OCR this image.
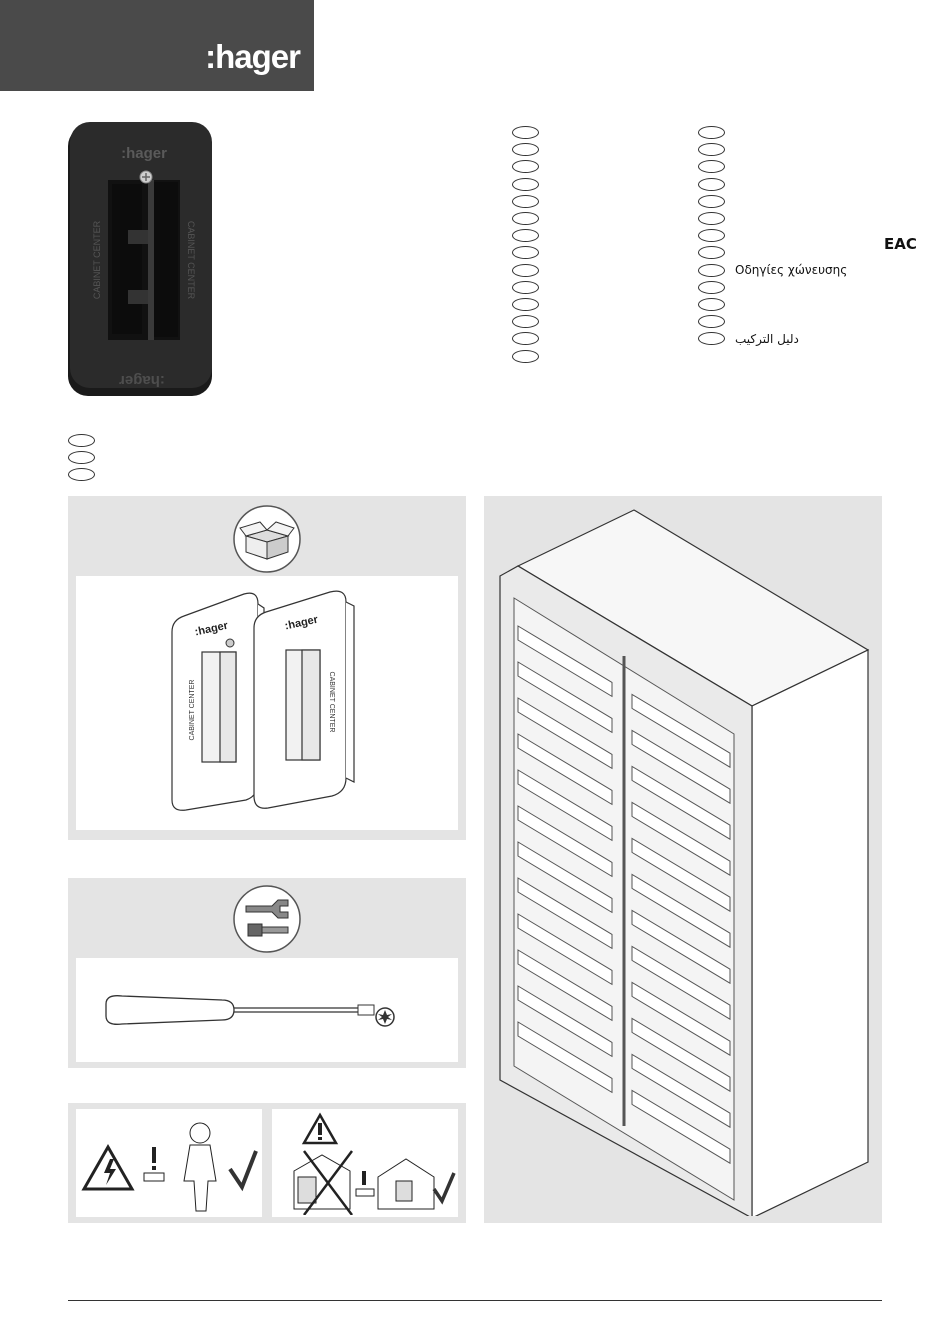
:hager
:hager
:hager
CABINET CENTER	CABINET CENTER	Οδηγίες χώνευσης
دليل التركيب
EAC
:hager	:hager
CABINET CENTER	CABINET CENTER
